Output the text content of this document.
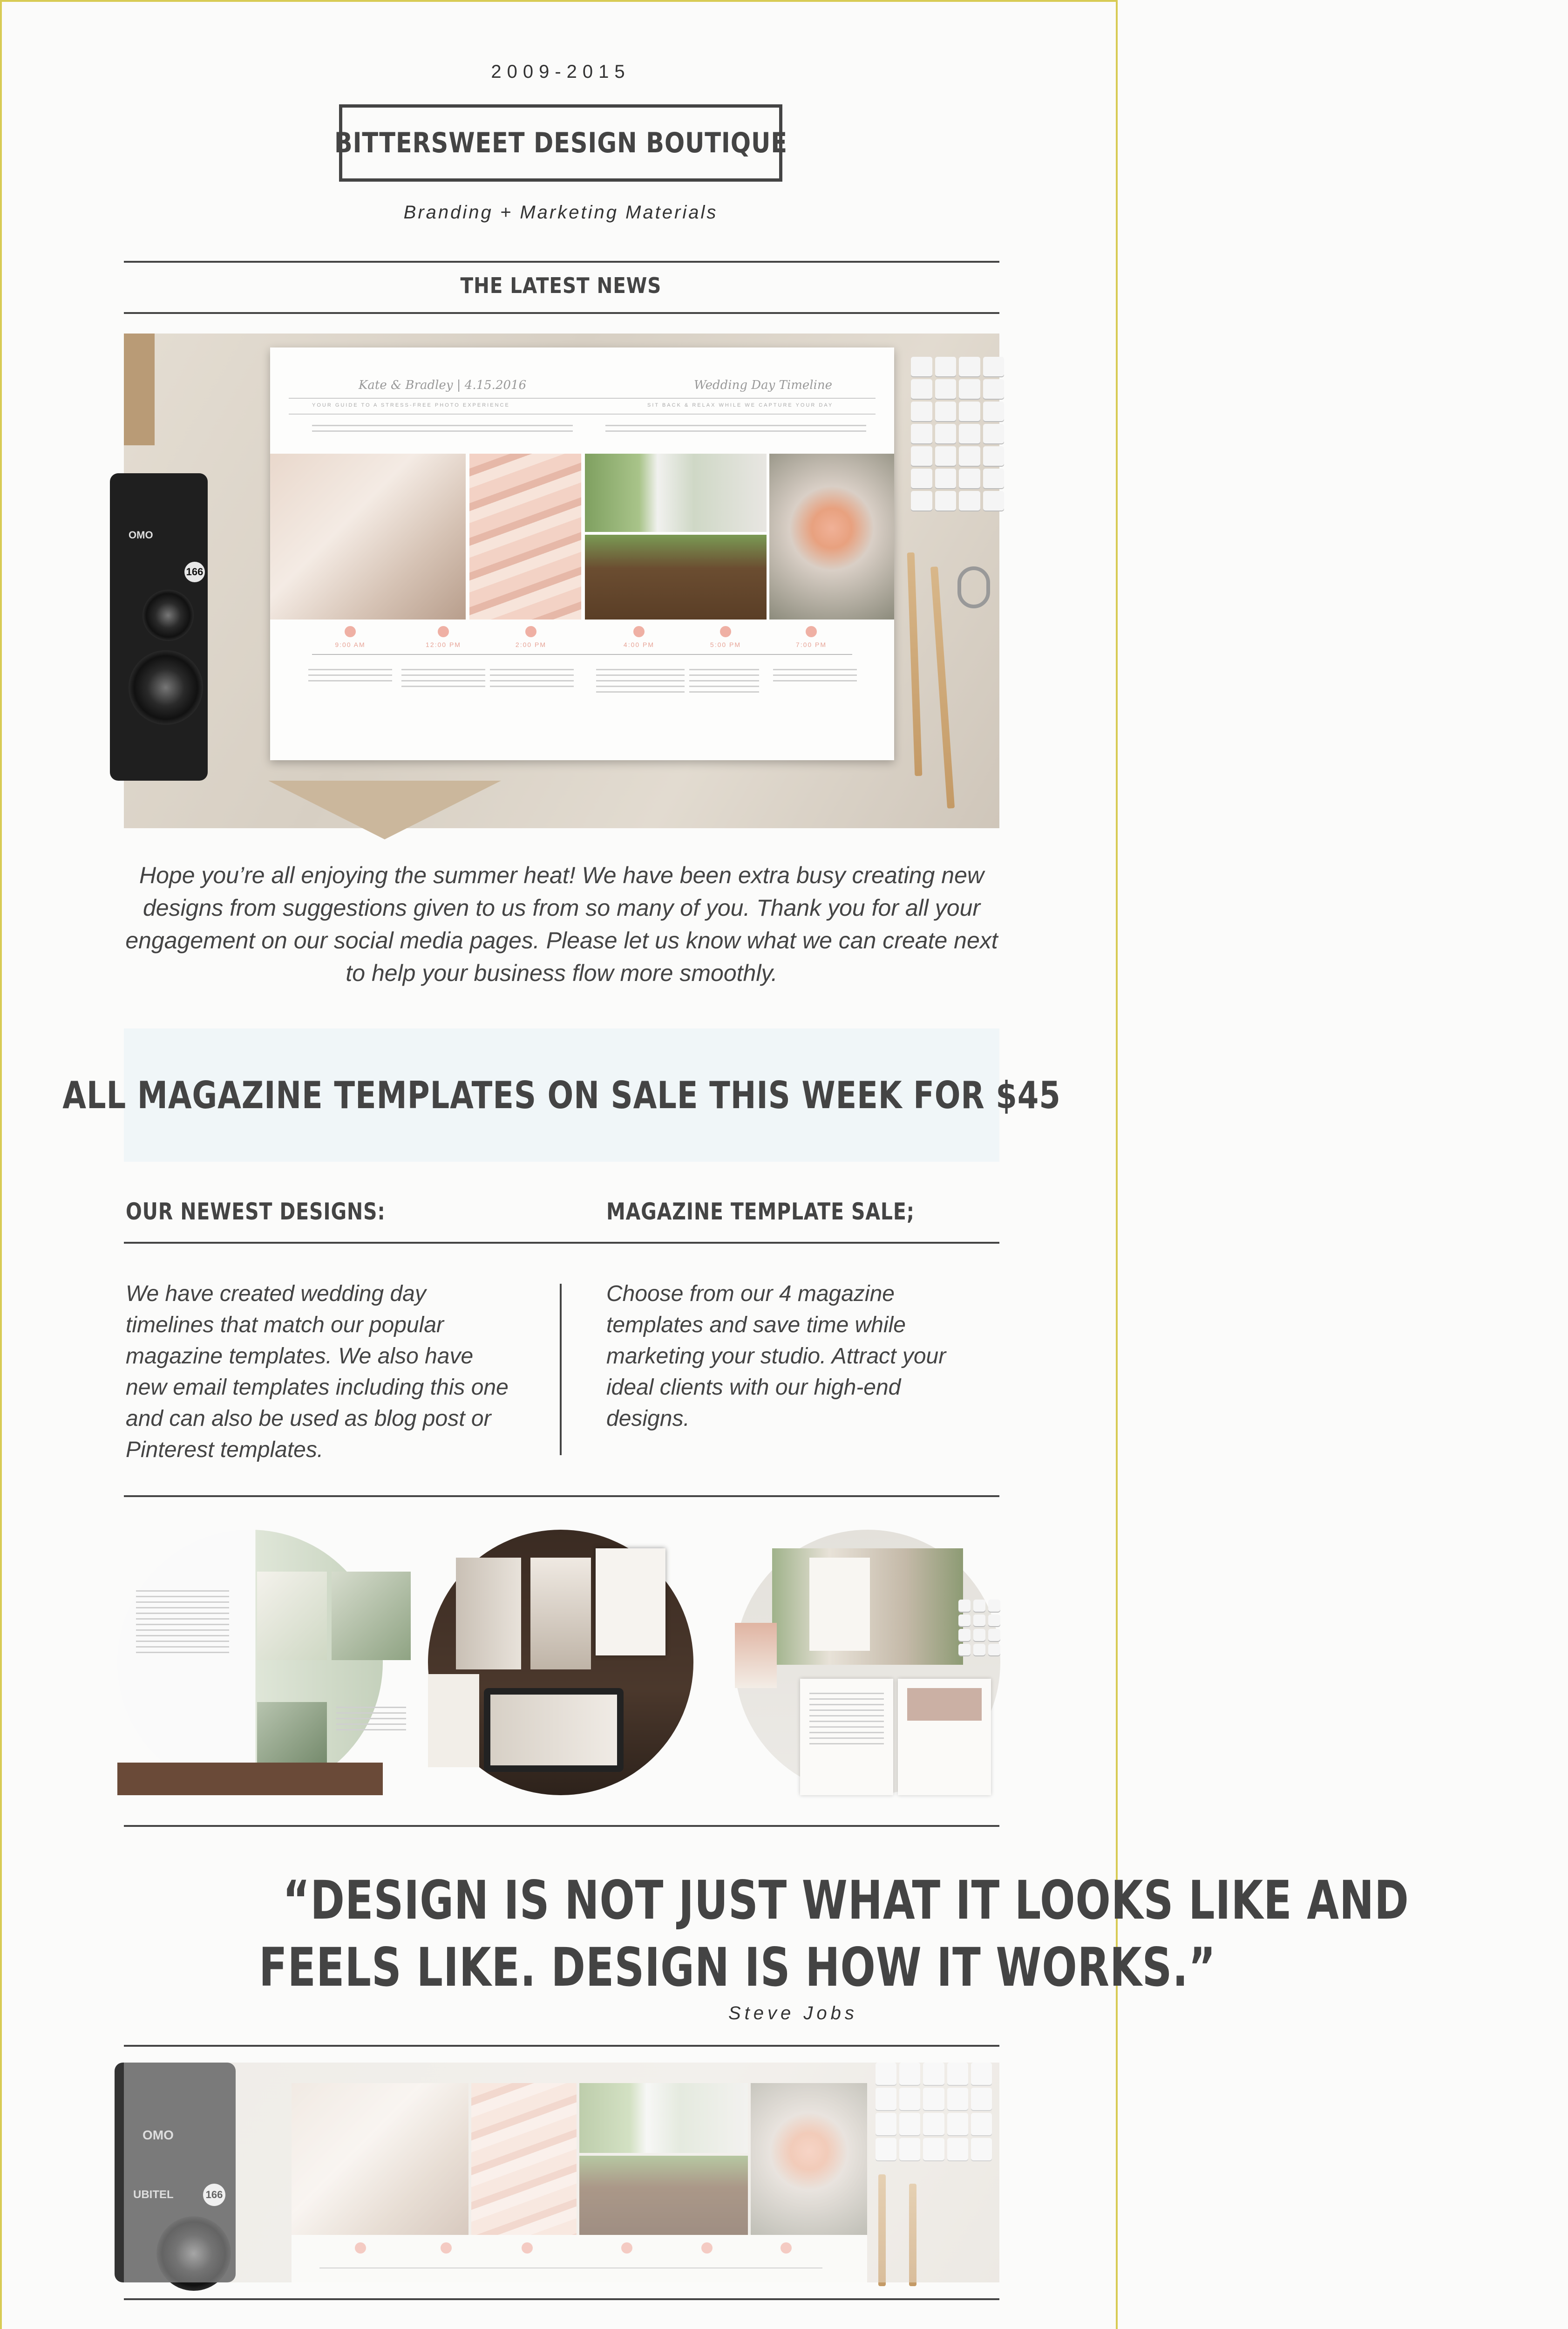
2009-2015
BITTERSWEET DESIGN BOUTIQUE
Branding + Marketing Materials
THE LATEST NEWS
OMO
166
Kate & Bradley | 4.15.2016	Wedding Day Timeline
YOUR GUIDE TO A STRESS-FREE PHOTO EXPERIENCE	SIT BACK & RELAX WHILE WE CAPTURE YOUR DAY
9:00 AM	12:00 PM	2:00 PM	4:00 PM	5:00 PM	7:00 PM
Hope you’re all enjoying the summer heat! We have been extra busy creating new designs from suggestions given to us from so many of you. Thank you for all your engagement on our social media pages. Please let us know what we can create next to help your business flow more smoothly.
ALL MAGAZINE TEMPLATES ON SALE THIS WEEK FOR $45
OUR NEWEST DESIGNS:	MAGAZINE TEMPLATE SALE;
We have created wedding day timelines that match our popular magazine templates. We also have new email templates including this one and can also be used as blog post or Pinterest templates.
Choose from our 4 magazine templates and save time while marketing your studio. Attract your ideal clients with our high-end designs.
“DESIGN IS NOT JUST WHAT IT LOOKS LIKE AND
FEELS LIKE. DESIGN IS HOW IT WORKS.”
Steve Jobs
OMO
UBITEL	166
